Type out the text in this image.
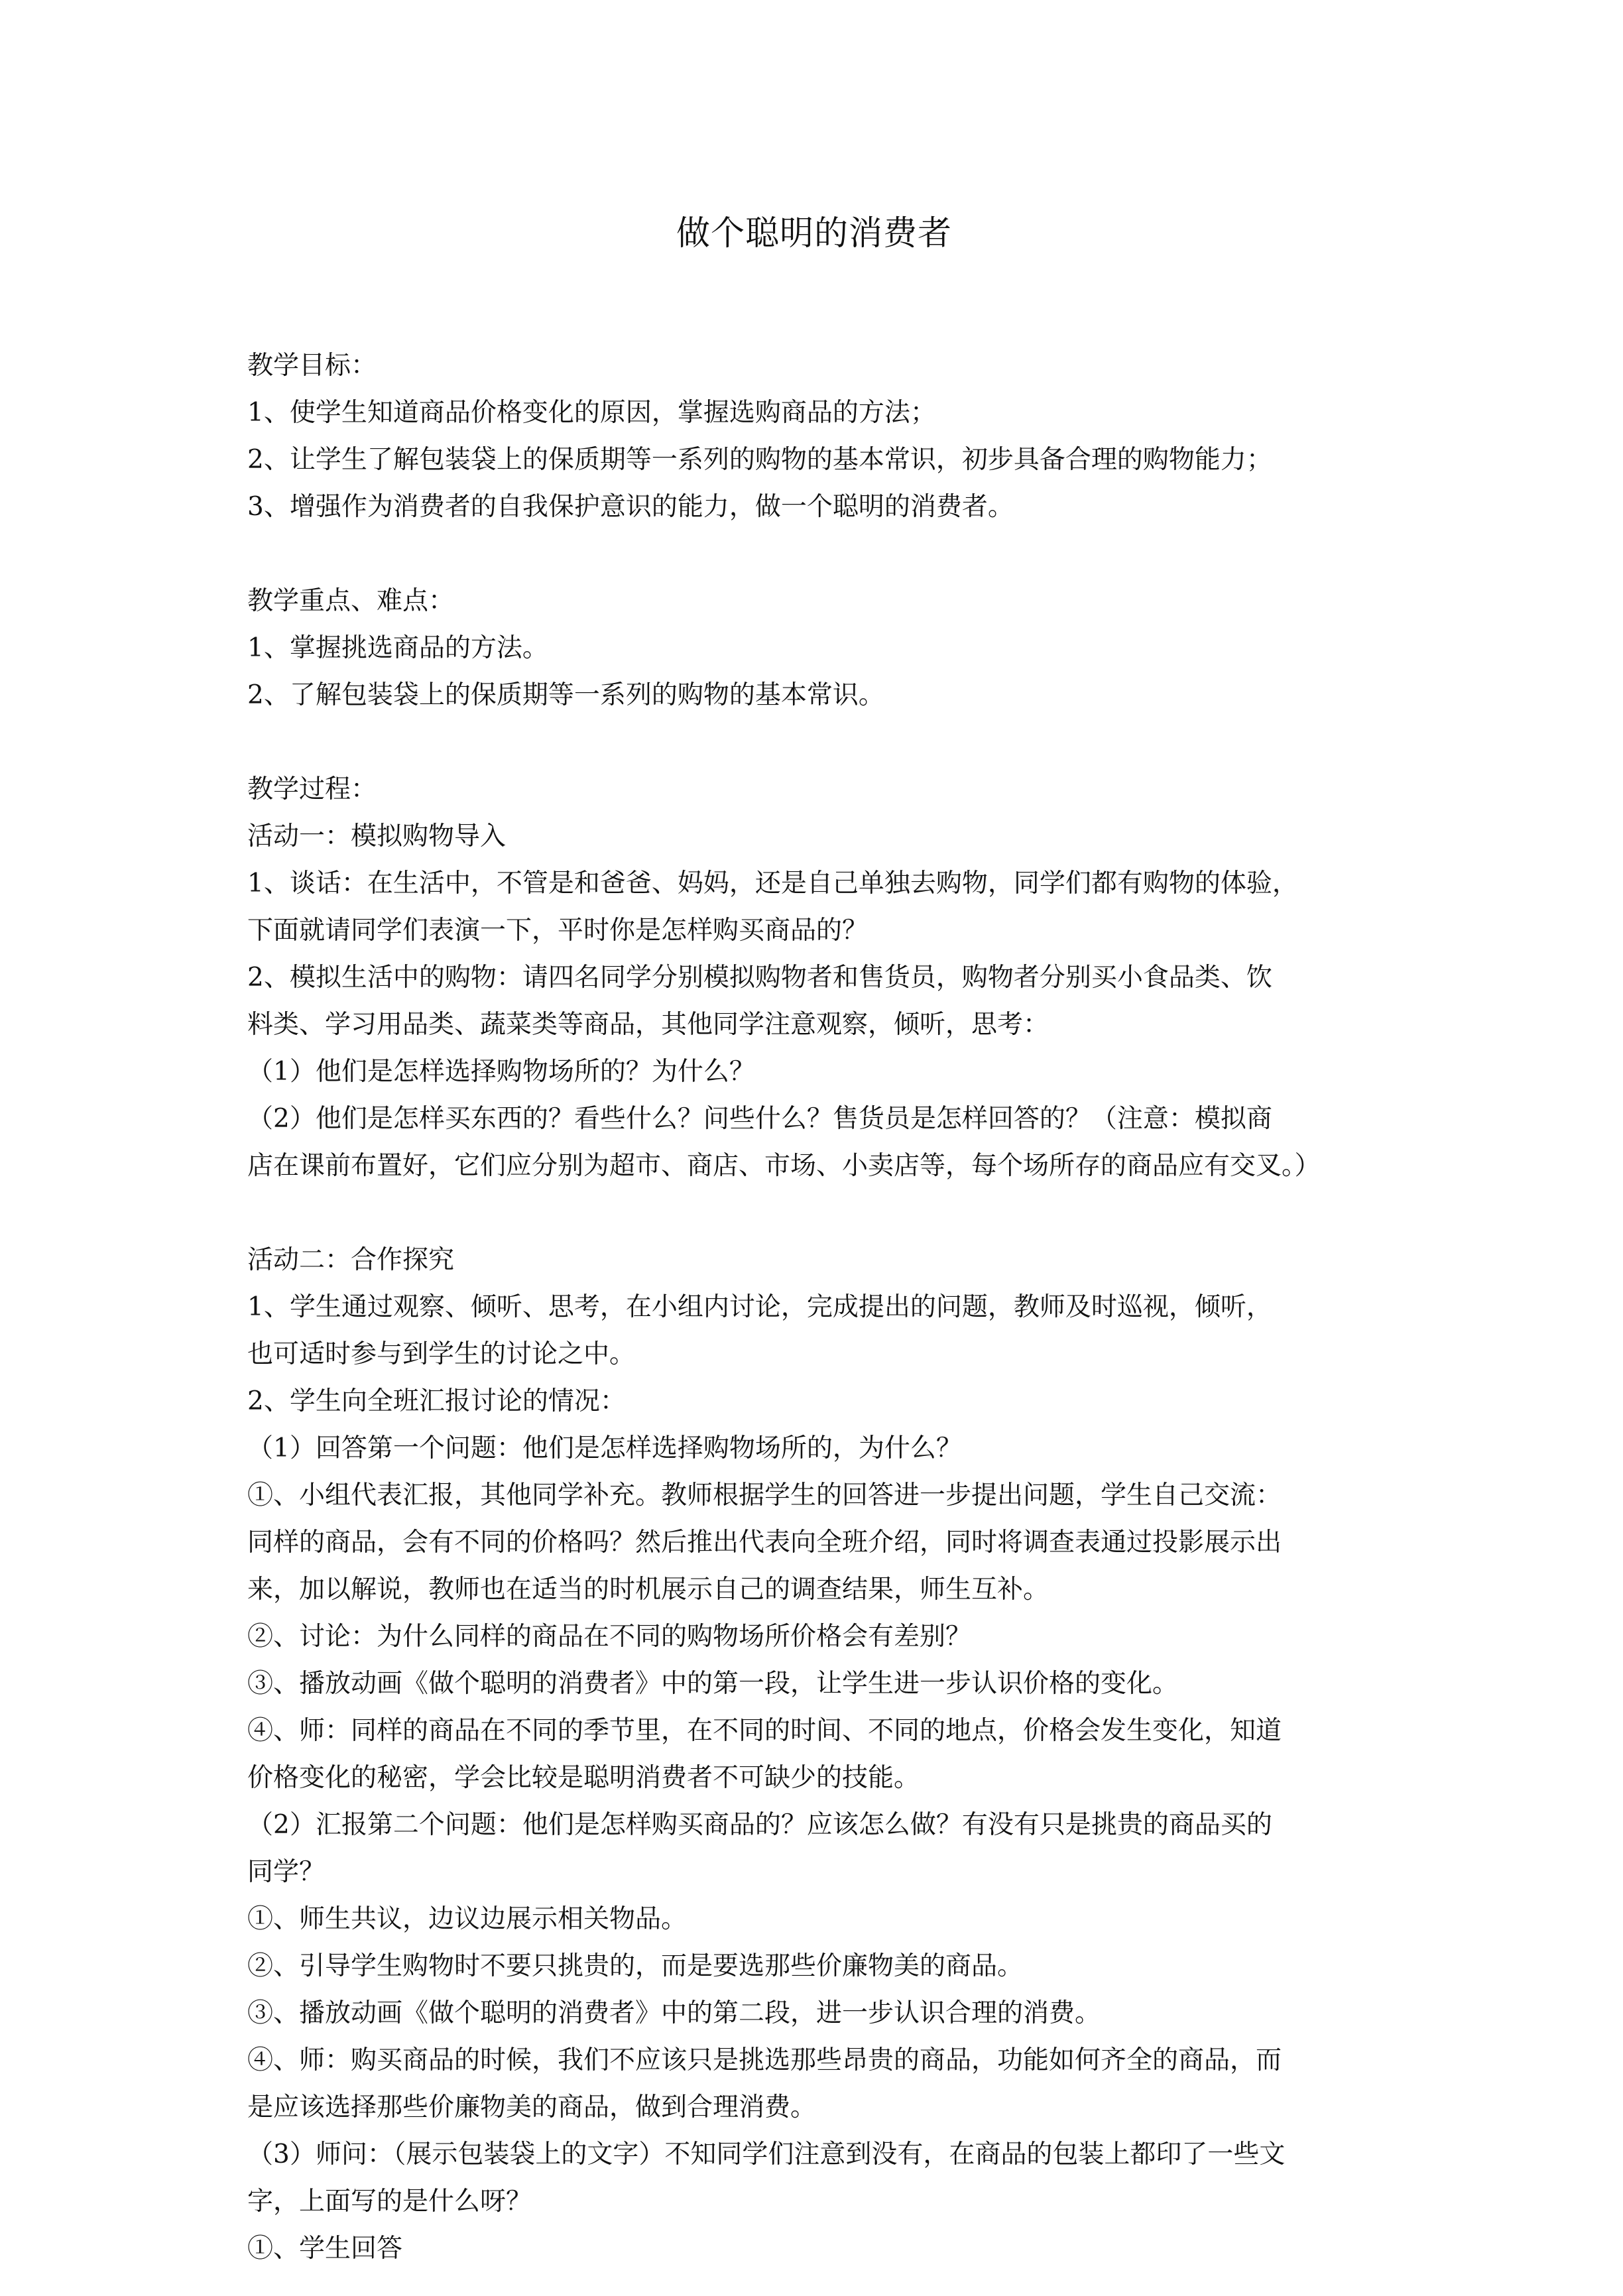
做个聪明的消费者

教学目标：

1、使学生知道商品价格变化的原因，掌握选购商品的方法；

2、让学生了解包装袋上的保质期等一系列的购物的基本常识，初步具备合理的购物能力；

3、增强作为消费者的自我保护意识的能力，做一个聪明的消费者。

教学重点、难点：

1、掌握挑选商品的方法。

2、了解包装袋上的保质期等一系列的购物的基本常识。

教学过程：

活动一：模拟购物导入

1、谈话：在生活中，不管是和爸爸、妈妈，还是自己单独去购物，同学们都有购物的体验，

下面就请同学们表演一下，平时你是怎样购买商品的？

2、模拟生活中的购物：请四名同学分别模拟购物者和售货员，购物者分别买小食品类、饮

料类、学习用品类、蔬菜类等商品，其他同学注意观察，倾听，思考：

（1）他们是怎样选择购物场所的？为什么？

（2）他们是怎样买东西的？看些什么？问些什么？售货员是怎样回答的？（注意：模拟商

店在课前布置好，它们应分别为超市、商店、市场、小卖店等，每个场所存的商品应有交叉。）

活动二：合作探究

1、学生通过观察、倾听、思考，在小组内讨论，完成提出的问题，教师及时巡视，倾听，

也可适时参与到学生的讨论之中。

2、学生向全班汇报讨论的情况：

（1）回答第一个问题：他们是怎样选择购物场所的，为什么？

①、小组代表汇报，其他同学补充。教师根据学生的回答进一步提出问题，学生自己交流：

同样的商品，会有不同的价格吗？然后推出代表向全班介绍，同时将调查表通过投影展示出

来，加以解说，教师也在适当的时机展示自己的调查结果，师生互补。

②、讨论：为什么同样的商品在不同的购物场所价格会有差别？

③、播放动画《做个聪明的消费者》中的第一段，让学生进一步认识价格的变化。

④、师：同样的商品在不同的季节里，在不同的时间、不同的地点，价格会发生变化，知道

价格变化的秘密，学会比较是聪明消费者不可缺少的技能。

（2）汇报第二个问题：他们是怎样购买商品的？应该怎么做？有没有只是挑贵的商品买的

同学？

①、师生共议，边议边展示相关物品。

②、引导学生购物时不要只挑贵的，而是要选那些价廉物美的商品。

③、播放动画《做个聪明的消费者》中的第二段，进一步认识合理的消费。

④、师：购买商品的时候，我们不应该只是挑选那些昂贵的商品，功能如何齐全的商品，而

是应该选择那些价廉物美的商品，做到合理消费。

（3）师问：（展示包装袋上的文字）不知同学们注意到没有，在商品的包装上都印了一些文

字，上面写的是什么呀？

①、学生回答
